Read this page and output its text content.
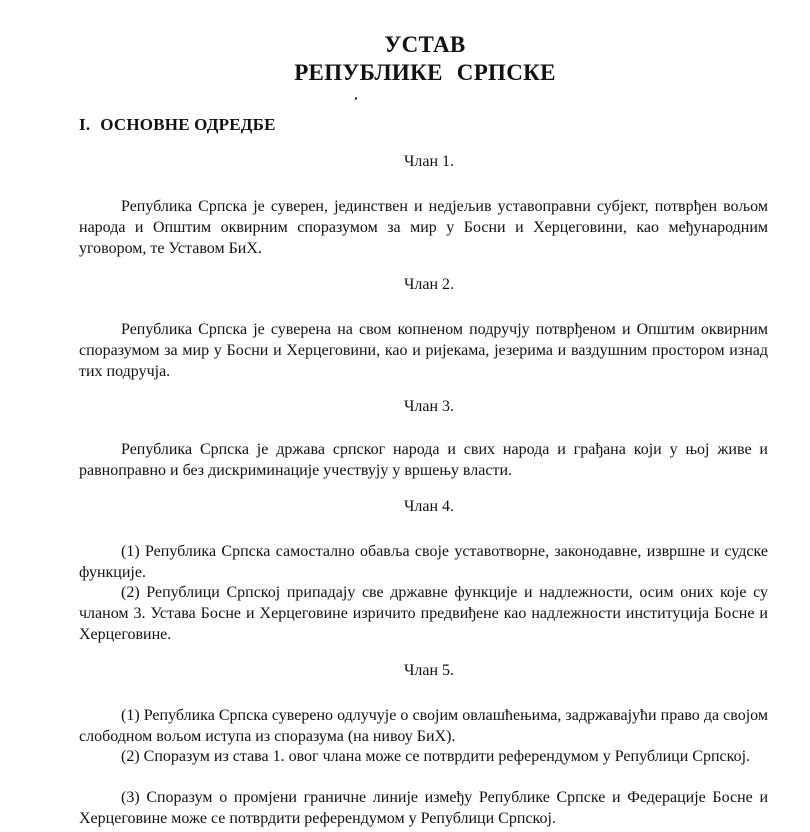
УСТАВ
РЕПУБЛИКЕ СРПСКЕ
I. ОСНОВНЕ ОДРЕДБЕ
Члан 1.
Република Српска је суверен, јединствен и недјељив уставоправни субјект, потврђен вољом народа и Општим оквирним споразумом за мир у Босни и Херцеговини, као међународним уговором, те Уставом БиХ.
Члан 2.
Република Српска је суверена на свом копненом подручју потврђеном и Општим оквирним споразумом за мир у Босни и Херцеговини, као и ријекама, језерима и ваздушним простором изнад тих подручја.
Члан 3.
Република Српска је држава српског народа и свих народа и грађана који у њој живе и равноправно и без дискриминације учествују у вршењу власти.
Члан 4.
(1) Република Српска самостално обавља своје уставотворне, законодавне, извршне и судске функције.
(2) Републици Српској припадају све државне функције и надлежности, осим оних које су чланом 3. Устава Босне и Херцеговине изричито предвиђене као надлежности институција Босне и Херцеговине.
Члан 5.
(1) Република Српска суверено одлучује о својим овлашћењима, задржавајући право да својом слободном вољом иступа из споразума (на нивоу БиХ).
(2) Споразум из става 1. овог члана може се потврдити референдумом у Републици Српској.
(3) Споразум о промјени граничне линије између Републике Српске и Федерације Босне и Херцеговине може се потврдити референдумом у Републици Српској.
